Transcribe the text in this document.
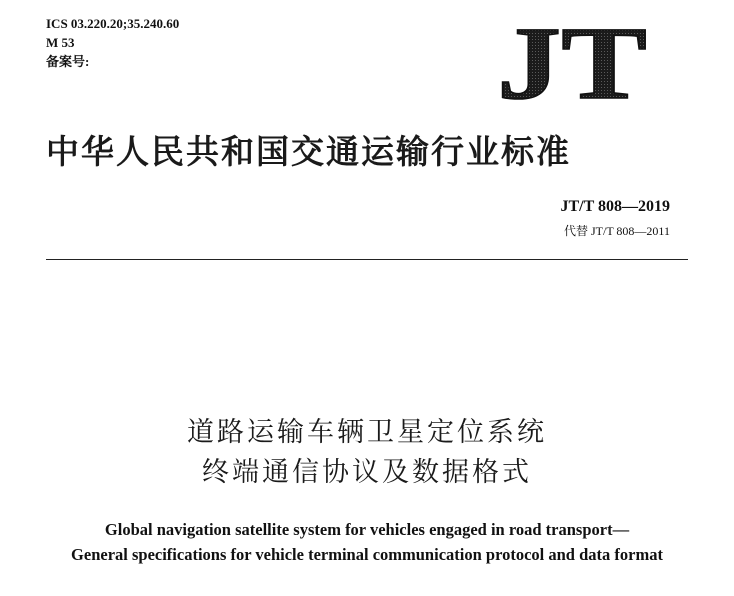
ICS 03.220.20;35.240.60
M 53
备案号:	JT
中华人民共和国交通运输行业标准
JT/T 808—2019
代替 JT/T 808—2011
道路运输车辆卫星定位系统
终端通信协议及数据格式
Global navigation satellite system for vehicles engaged in road transport—
General specifications for vehicle terminal communication protocol and data format
